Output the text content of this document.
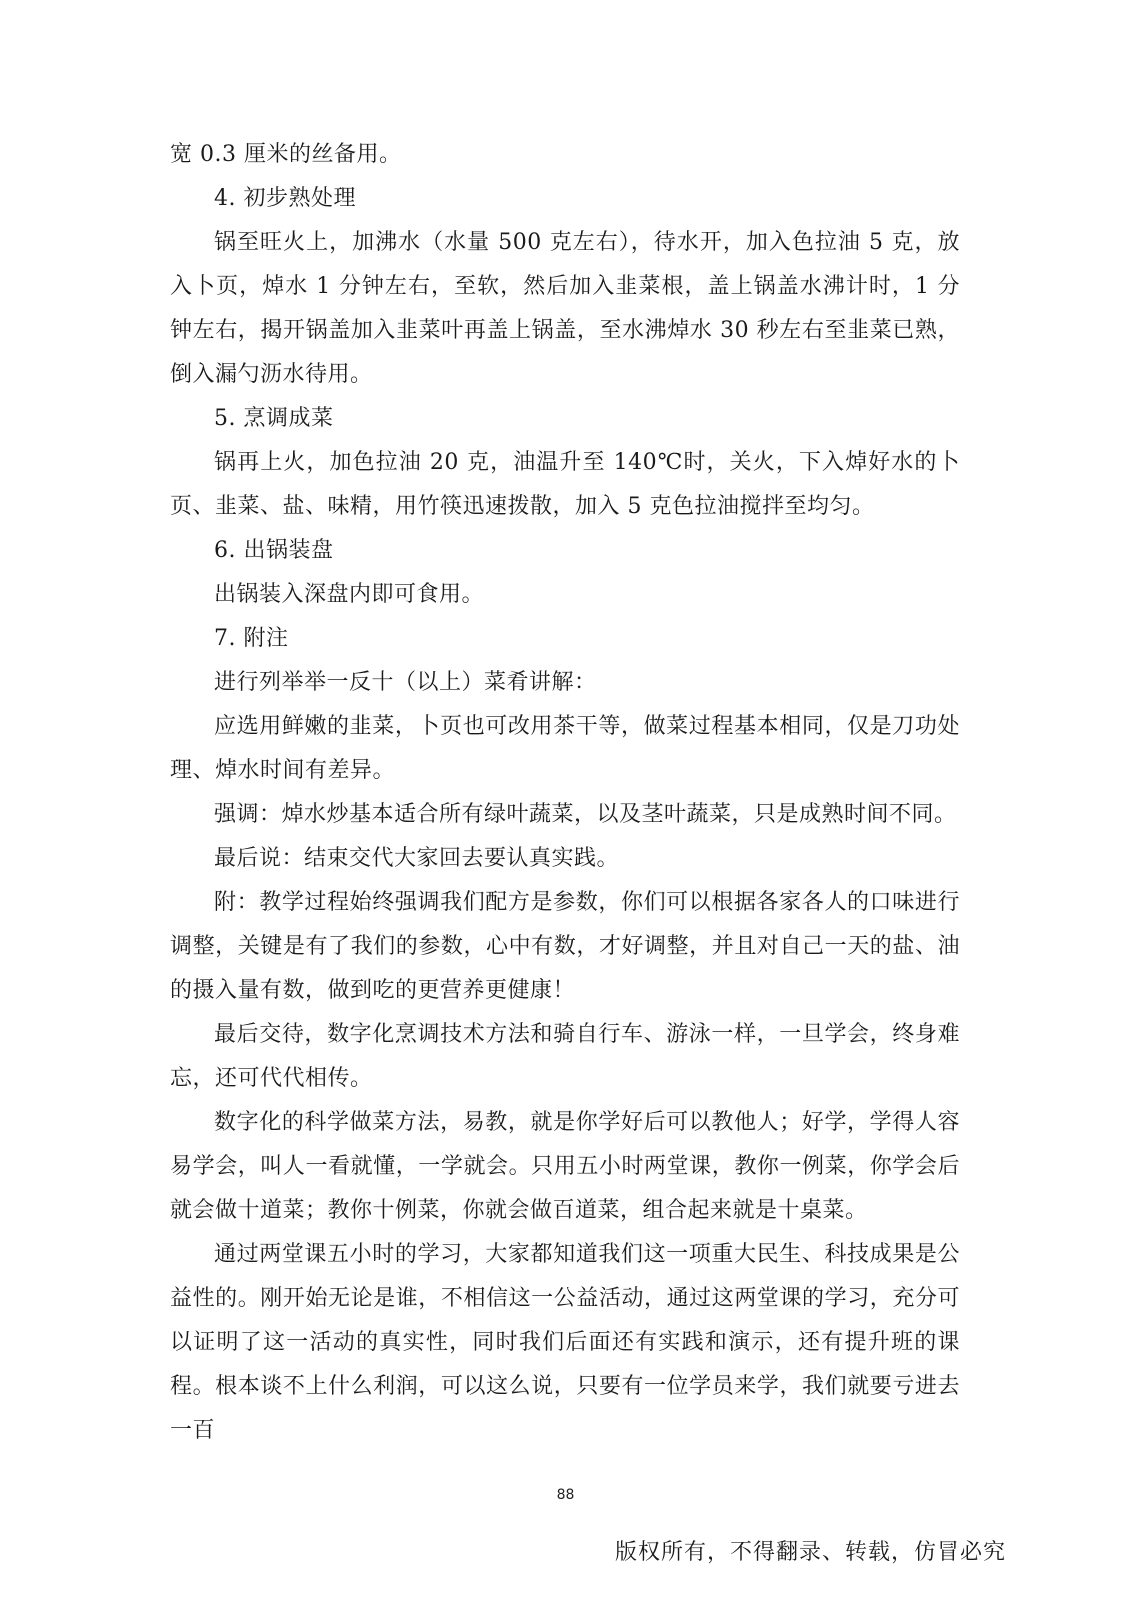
宽 0.3 厘米的丝备用。

4. 初步熟处理

锅至旺火上，加沸水（水量 500 克左右），待水开，加入色拉油 5 克，放入卜页，焯水 1 分钟左右，至软，然后加入韭菜根，盖上锅盖水沸计时，1 分钟左右，揭开锅盖加入韭菜叶再盖上锅盖，至水沸焯水 30 秒左右至韭菜已熟，倒入漏勺沥水待用。

5. 烹调成菜

锅再上火，加色拉油 20 克，油温升至 140℃时，关火，下入焯好水的卜页、韭菜、盐、味精，用竹筷迅速拨散，加入 5 克色拉油搅拌至均匀。

6. 出锅装盘

出锅装入深盘内即可食用。

7. 附注

进行列举举一反十（以上）菜肴讲解：

应选用鲜嫩的韭菜，卜页也可改用茶干等，做菜过程基本相同，仅是刀功处理、焯水时间有差异。

强调：焯水炒基本适合所有绿叶蔬菜，以及茎叶蔬菜，只是成熟时间不同。

最后说：结束交代大家回去要认真实践。

附：教学过程始终强调我们配方是参数，你们可以根据各家各人的口味进行调整，关键是有了我们的参数，心中有数，才好调整，并且对自己一天的盐、油的摄入量有数，做到吃的更营养更健康！

最后交待，数字化烹调技术方法和骑自行车、游泳一样，一旦学会，终身难忘，还可代代相传。

数字化的科学做菜方法，易教，就是你学好后可以教他人；好学，学得人容易学会，叫人一看就懂，一学就会。只用五小时两堂课，教你一例菜，你学会后就会做十道菜；教你十例菜，你就会做百道菜，组合起来就是十桌菜。

通过两堂课五小时的学习，大家都知道我们这一项重大民生、科技成果是公益性的。刚开始无论是谁，不相信这一公益活动，通过这两堂课的学习，充分可以证明了这一活动的真实性，同时我们后面还有实践和演示，还有提升班的课程。根本谈不上什么利润，可以这么说，只要有一位学员来学，我们就要亏进去一百

88
版权所有，不得翻录、转载，仿冒必究
